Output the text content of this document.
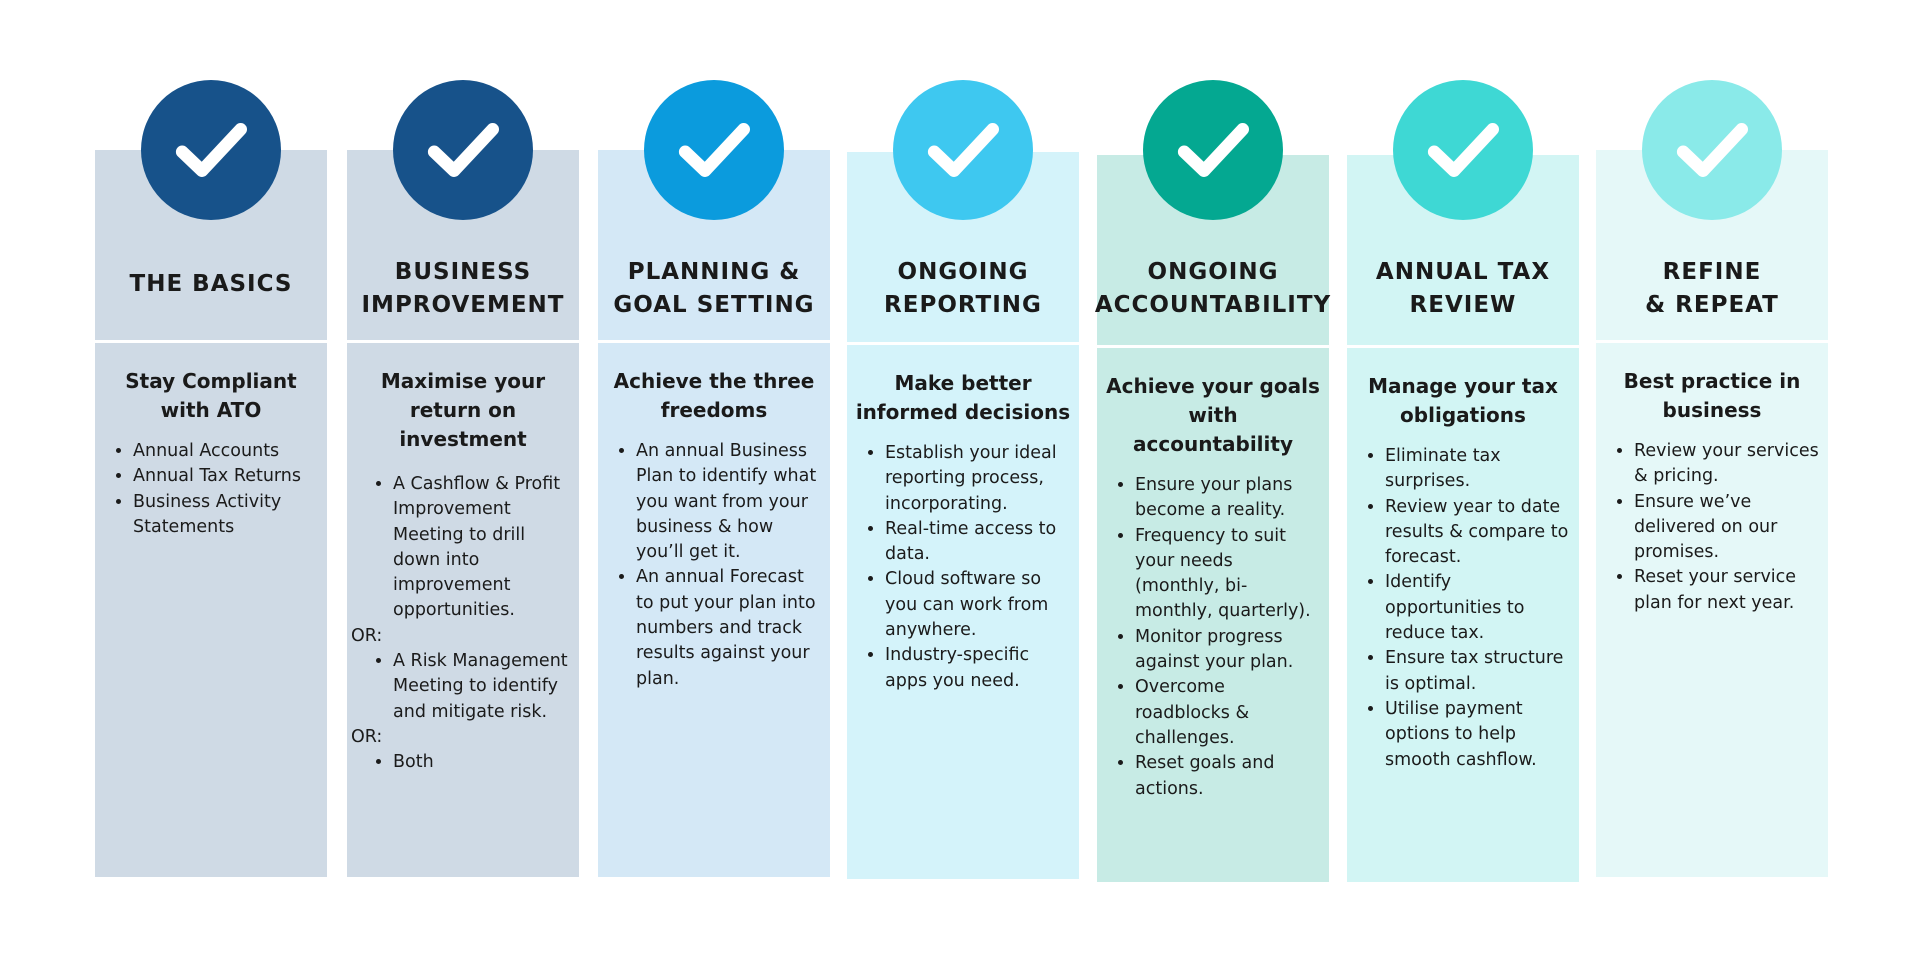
THE BASICS
Stay Compliant
with ATO
• Annual Accounts
• Annual Tax Returns
• Business Activity Statements
BUSINESS
IMPROVEMENT
Maximise your
return on
investment
• A Cashflow & Profit Improvement Meeting to drill down into improvement opportunities.
OR:
• A Risk Management Meeting to identify and mitigate risk.
OR:
• Both
PLANNING &
GOAL SETTING
Achieve the three
freedoms
• An annual Business Plan to identify what you want from your business & how you’ll get it.
• An annual Forecast to put your plan into numbers and track results against your plan.
ONGOING
REPORTING
Make better
informed decisions
• Establish your ideal reporting process, incorporating.
• Real-time access to data.
• Cloud software so you can work from anywhere.
• Industry-specific apps you need.
ONGOING
ACCOUNTABILITY
Achieve your goals
with accountability
• Ensure your plans become a reality.
• Frequency to suit your needs (monthly, bi-monthly, quarterly).
• Monitor progress against your plan.
• Overcome roadblocks & challenges.
• Reset goals and actions.
ANNUAL TAX
REVIEW
Manage your tax
obligations
• Eliminate tax surprises.
• Review year to date results & compare to forecast.
• Identify opportunities to reduce tax.
• Ensure tax structure is optimal.
• Utilise payment options to help smooth cashflow.
REFINE
& REPEAT
Best practice in
business
• Review your services & pricing.
• Ensure we’ve delivered on our promises.
• Reset your service plan for next year.
